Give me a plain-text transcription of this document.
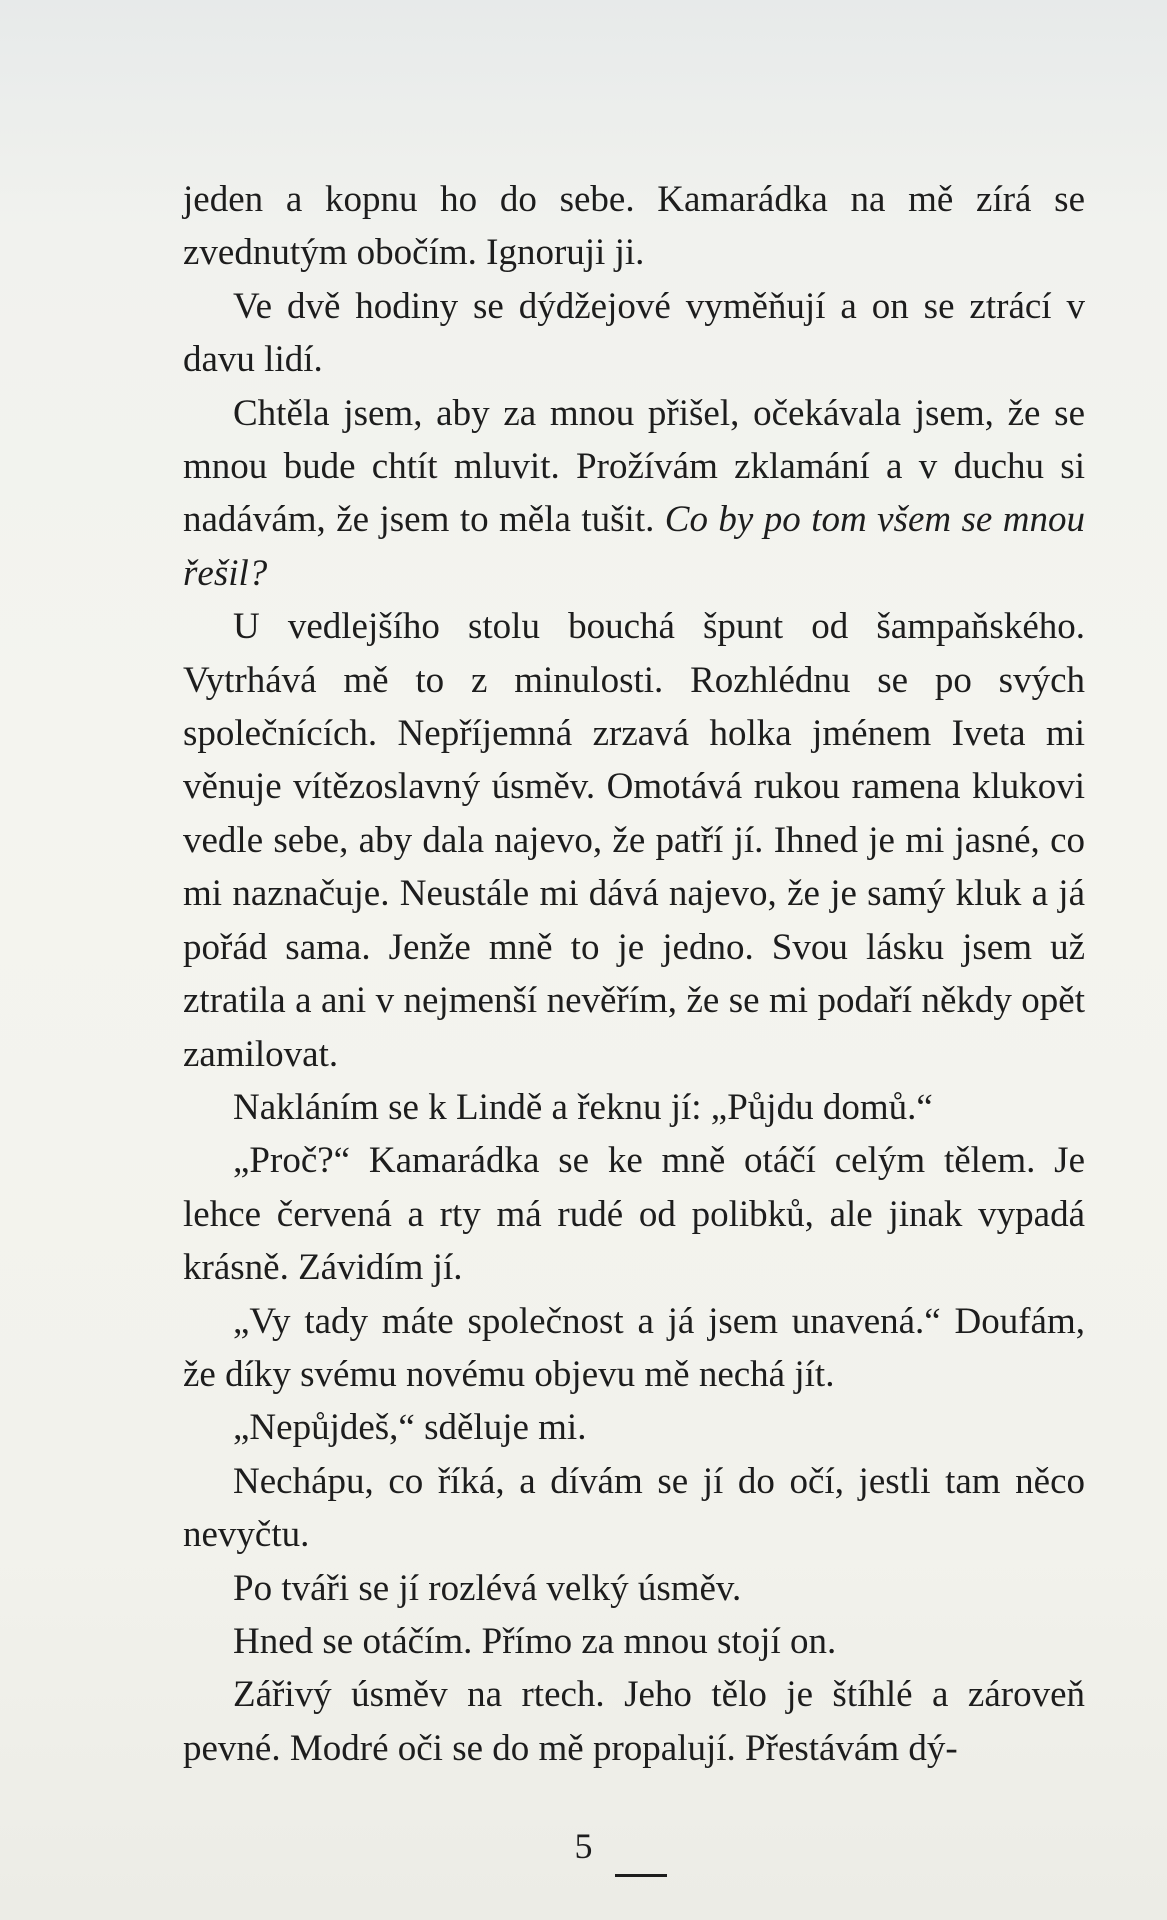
jeden a kopnu ho do sebe. Kamarádka na mě zírá se zvednutým obočím. Ignoruji ji.

Ve dvě hodiny se dýdžejové vyměňují a on se ztrácí v davu lidí.

Chtěla jsem, aby za mnou přišel, očekávala jsem, že se mnou bude chtít mluvit. Prožívám zklamání a v duchu si nadávám, že jsem to měla tušit. Co by po tom všem se mnou řešil?

U vedlejšího stolu bouchá špunt od šampaňského. Vytrhává mě to z minulosti. Rozhlédnu se po svých společnících. Nepříjemná zrzavá holka jménem Iveta mi věnuje vítězoslavný úsměv. Omotává rukou ramena klukovi vedle sebe, aby dala najevo, že patří jí. Ihned je mi jasné, co mi naznačuje. Neustále mi dává najevo, že je samý kluk a já pořád sama. Jenže mně to je jedno. Svou lásku jsem už ztratila a ani v nejmenší nevěřím, že se mi podaří někdy opět zamilovat.

Nakláním se k Lindě a řeknu jí: „Půjdu domů.“

„Proč?“ Kamarádka se ke mně otáčí celým tělem. Je lehce červená a rty má rudé od polibků, ale jinak vypadá krásně. Závidím jí.

„Vy tady máte společnost a já jsem unavená.“ Doufám, že díky svému novému objevu mě nechá jít.

„Nepůjdeš,“ sděluje mi.

Nechápu, co říká, a dívám se jí do očí, jestli tam něco nevyčtu.

Po tváři se jí rozlévá velký úsměv.

Hned se otáčím. Přímo za mnou stojí on.

Zářivý úsměv na rtech. Jeho tělo je štíhlé a zároveň pevné. Modré oči se do mě propalují. Přestávám dý-

5
